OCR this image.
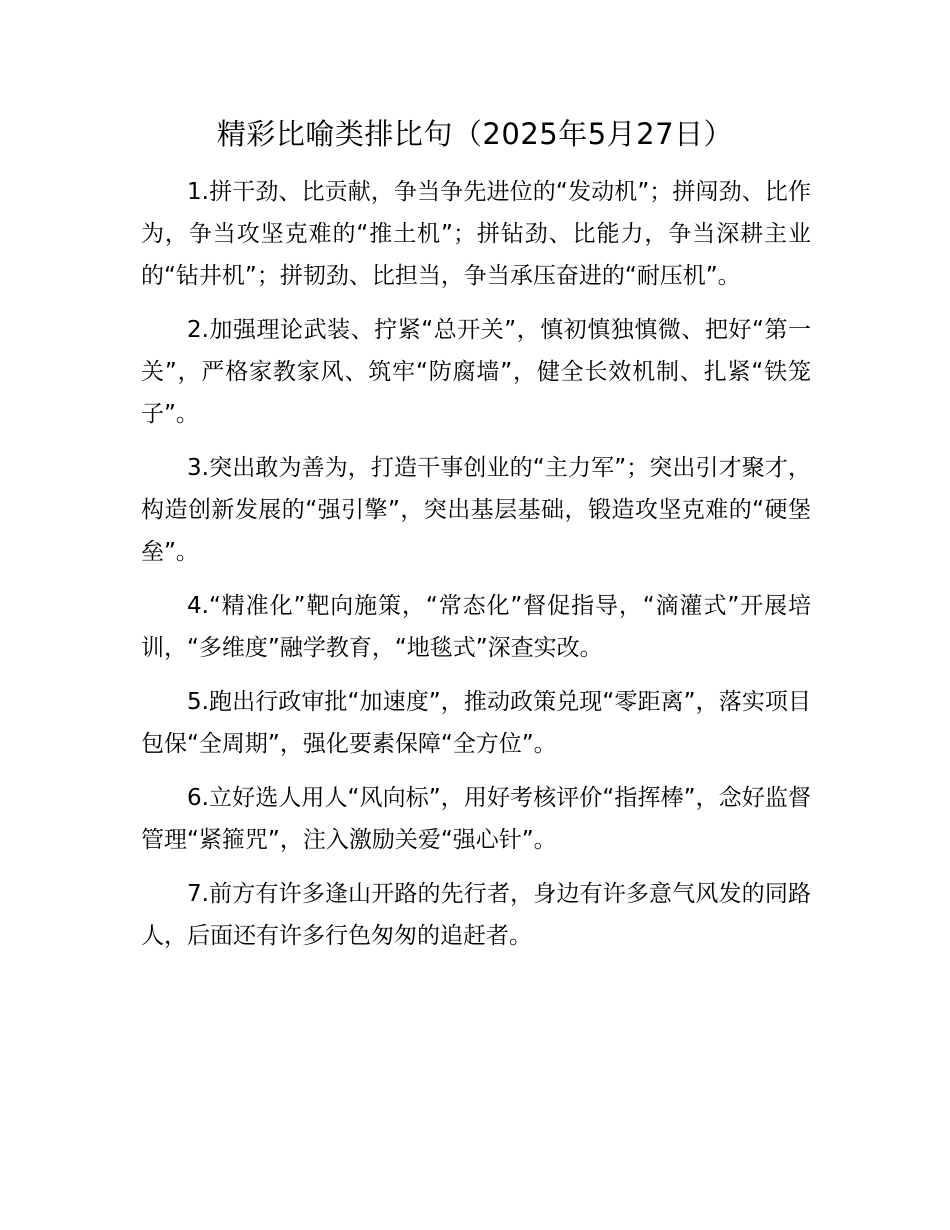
精彩比喻类排比句（2025年5月27日）

1.拼干劲、比贡献，争当争先进位的“发动机”；拼闯劲、比作为，争当攻坚克难的“推土机”；拼钻劲、比能力，争当深耕主业的“钻井机”；拼韧劲、比担当，争当承压奋进的“耐压机”。

2.加强理论武装、拧紧“总开关”，慎初慎独慎微、把好“第一关”，严格家教家风、筑牢“防腐墙”，健全长效机制、扎紧“铁笼子”。

3.突出敢为善为，打造干事创业的“主力军”；突出引才聚才，构造创新发展的“强引擎”，突出基层基础，锻造攻坚克难的“硬堡垒”。

4.“精准化”靶向施策，“常态化”督促指导，“滴灌式”开展培训，“多维度”融学教育，“地毯式”深查实改。

5.跑出行政审批“加速度”，推动政策兑现“零距离”，落实项目包保“全周期”，强化要素保障“全方位”。

6.立好选人用人“风向标”，用好考核评价“指挥棒”，念好监督管理“紧箍咒”，注入激励关爱“强心针”。

7.前方有许多逢山开路的先行者，身边有许多意气风发的同路人，后面还有许多行色匆匆的追赶者。
